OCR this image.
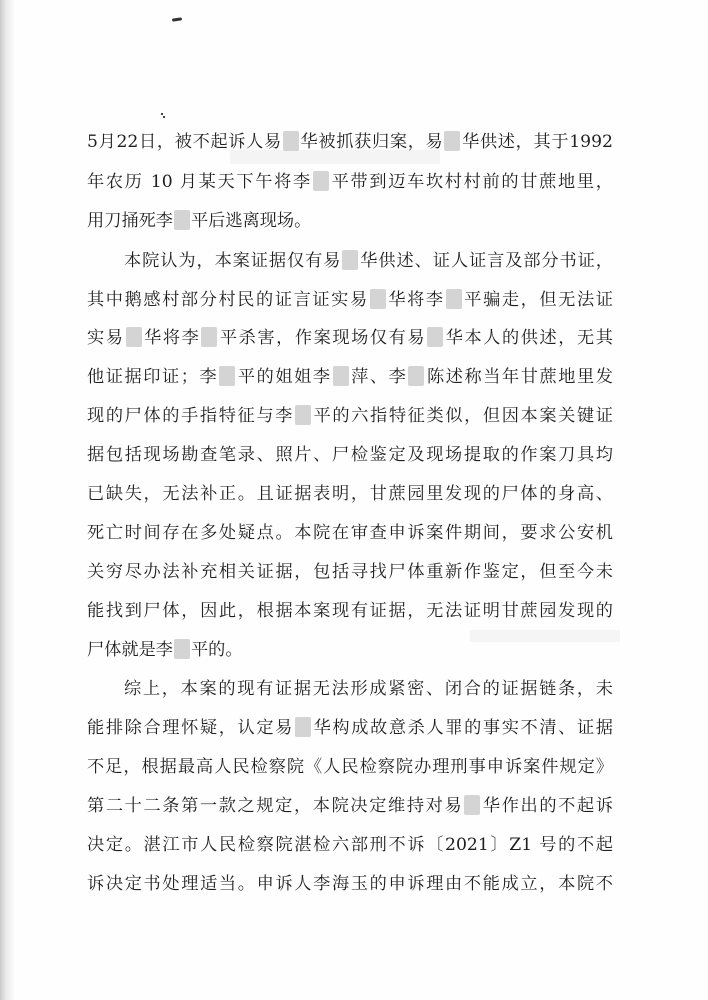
5月22日，被不起诉人易 华被抓获归案，易 华供述，其于1992
年农历 10 月某天下午将李 平带到迈车坎村村前的甘蔗地里，
用刀捅死李 平后逃离现场。
本院认为，本案证据仅有易 华供述、证人证言及部分书证，
其中鹅感村部分村民的证言证实易 华将李 平骗走，但无法证
实易 华将李 平杀害，作案现场仅有易 华本人的供述，无其
他证据印证；李 平的姐姐李 萍、李 陈述称当年甘蔗地里发
现的尸体的手指特征与李 平的六指特征类似，但因本案关键证
据包括现场勘查笔录、照片、尸检鉴定及现场提取的作案刀具均
已缺失，无法补正。且证据表明，甘蔗园里发现的尸体的身高、
死亡时间存在多处疑点。本院在审查申诉案件期间，要求公安机
关穷尽办法补充相关证据，包括寻找尸体重新作鉴定，但至今未
能找到尸体，因此，根据本案现有证据，无法证明甘蔗园发现的
尸体就是李 平的。
综上，本案的现有证据无法形成紧密、闭合的证据链条，未
能排除合理怀疑，认定易 华构成故意杀人罪的事实不清、证据
不足，根据最高人民检察院《人民检察院办理刑事申诉案件规定》
第二十二条第一款之规定，本院决定维持对易 华作出的不起诉
决定。湛江市人民检察院湛检六部刑不诉〔2021〕Z1 号的不起
诉决定书处理适当。申诉人李海玉的申诉理由不能成立，本院不
